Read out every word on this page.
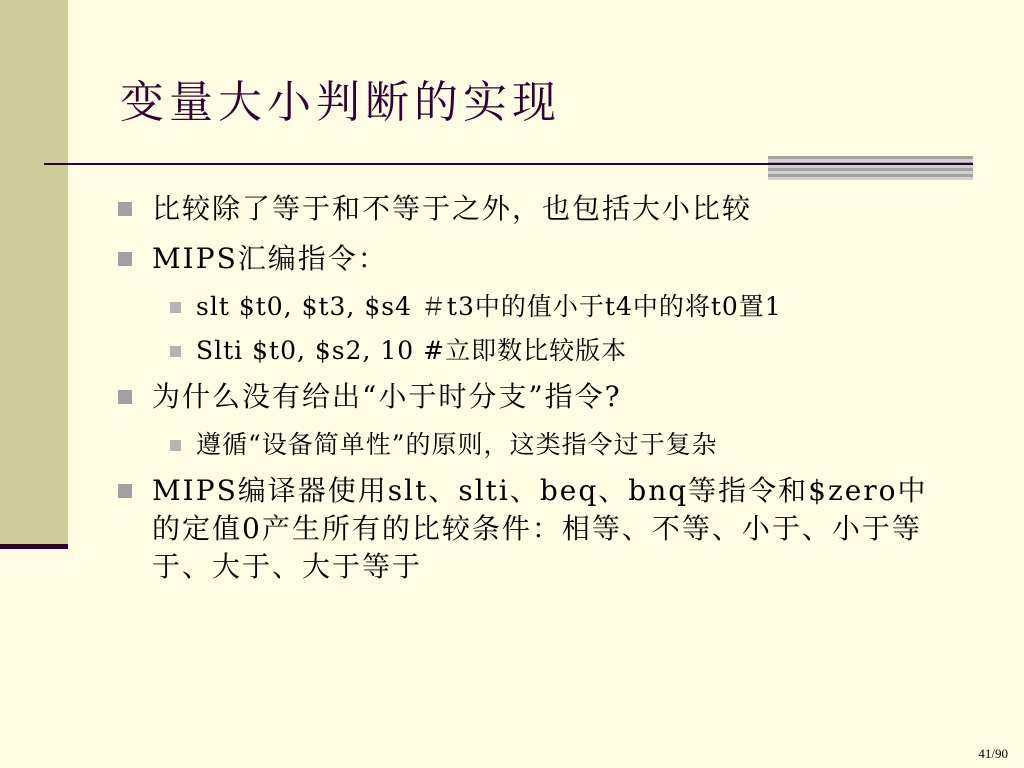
变量大小判断的实现
比较除了等于和不等于之外，也包括大小比较
MIPS汇编指令：
slt $t0, $t3, $s4 ＃t3中的值小于t4中的将t0置1
Slti $t0, $s2, 10 #立即数比较版本
为什么没有给出“小于时分支”指令?
遵循“设备简单性”的原则，这类指令过于复杂
MIPS编译器使用slt、slti、beq、bnq等指令和$zero中的定值0产生所有的比较条件：相等、不等、小于、小于等于、大于、大于等于
41/90
